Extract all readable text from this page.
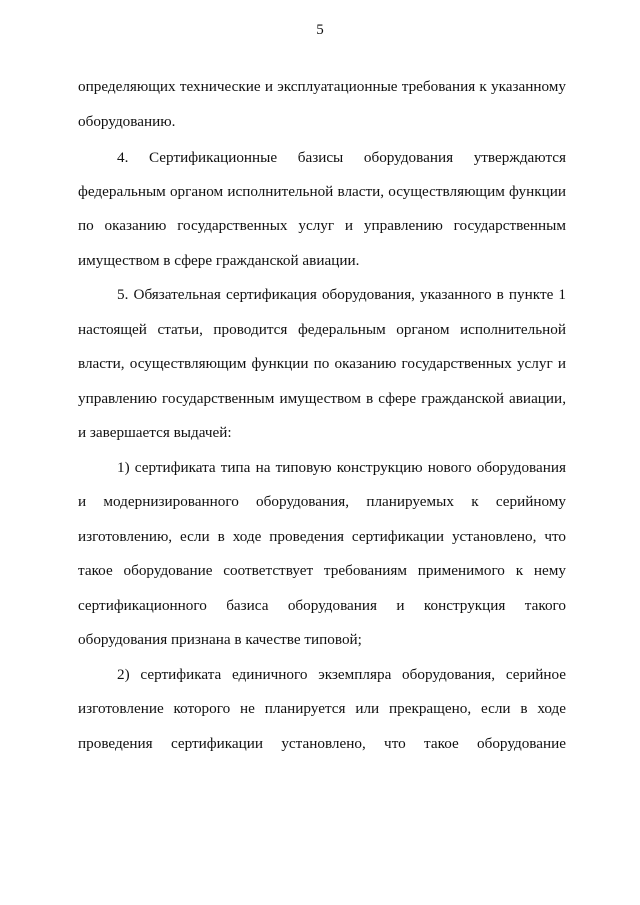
5
определяющих технические и эксплуатационные требования к указанному
оборудованию.
4. Сертификационные базисы оборудования утверждаются
федеральным органом исполнительной власти, осуществляющим функции
по оказанию государственных услуг и управлению государственным
имуществом в сфере гражданской авиации.
5. Обязательная сертификация оборудования, указанного в пункте 1
настоящей статьи, проводится федеральным органом исполнительной
власти, осуществляющим функции по оказанию государственных услуг и
управлению государственным имуществом в сфере гражданской авиации,
и завершается выдачей:
1) сертификата типа на типовую конструкцию нового оборудования
и модернизированного оборудования, планируемых к серийному
изготовлению, если в ходе проведения сертификации установлено, что
такое оборудование соответствует требованиям применимого к нему
сертификационного базиса оборудования и конструкция такого
оборудования признана в качестве типовой;
2) сертификата единичного экземпляра оборудования, серийное
изготовление которого не планируется или прекращено, если в ходе
проведения сертификации установлено, что такое оборудование
